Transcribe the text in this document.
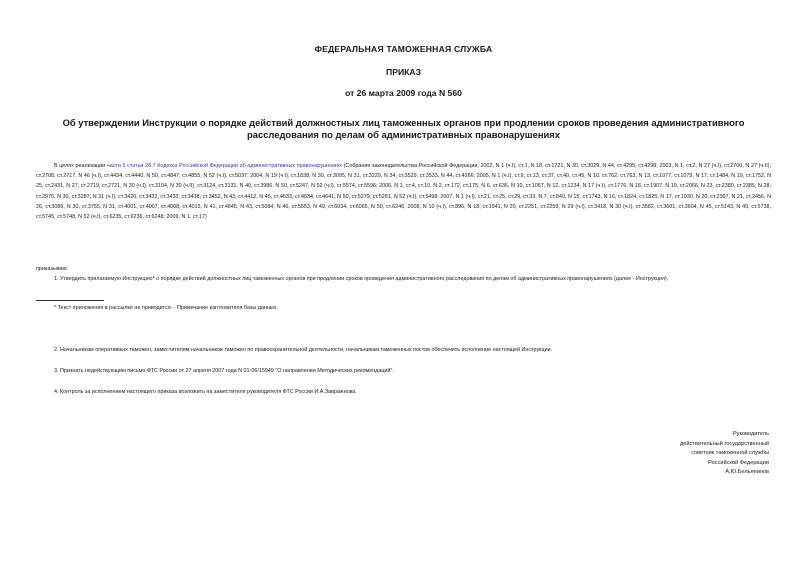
ФЕДЕРАЛЬНАЯ ТАМОЖЕННАЯ СЛУЖБА
ПРИКАЗ
от 26 марта 2009 года N 560
Об утверждении Инструкции о порядке действий должностных лиц таможенных органов при продлении сроков проведения административного расследования по делам об административных правонарушениях
В целях реализации части 5 статьи 28.7 Кодекса Российской Федерации об административных правонарушениях (Собрание законодательства Российской Федерации, 2002, N 1 (ч.I), ст.1, N 18, ст.1721, N 30, ст.3029, N 44, ст.4295, ст.4298; 2003, N 1, ст.2, N 27 (ч.I), ст.2700, N 27 (ч.II), ст.2708, ст.2717, N 46 (ч.I), ст.4434, ст.4440, N 50, ст.4847, ст.4855, N 52 (ч.I), ст.5037; 2004, N 19 (ч.I), ст.1838, N 30, ст.3095, N 31, ст.3229, N 34, ст.3529, ст.3533, N 44, ст.4266; 2005, N 1 (ч.I), ст.9, ст.13, ст.37, ст.40, ст.45, N 10, ст.762, ст.763, N 13, ст.1077, ст.1079, N 17, ст.1484, N 19, ст.1752, N 25, ст.2431, N 27, ст.2719, ст.2721, N 30 (ч.I), ст.3104, N 30 (ч.II), ст.3124, ст.3131, N 40, ст.3986, N 50, ст.5247, N 52 (ч.I), ст.5574, ст.5596; 2006, N 1, ст.4, ст.10, N 2, ст.172, ст.175, N 6, ст.636, N 10, ст.1067, N 12, ст.1234, N 17 (ч.I), ст.1776, N 18, ст.1907, N 19, ст.2066, N 23, ст.2380, ст.2385, N 28, ст.2975, N 30, ст.3287, N 31 (ч.I), ст.3420, ст.3432, ст.3433, ст.3438, ст.3452, N 43, ст.4412, N 45, ст.4633, ст.4634, ст.4641, N 50, ст.5279, ст.5281, N 52 (ч.I), ст.5498; 2007, N 1 (ч.I), ст.21, ст.25, ст.29, ст.33, N 7, ст.840, N 15, ст.1743, N 16, ст.1824, ст.1825, N 17, ст.1930, N 20, ст.2367, N 21, ст.2456, N 26, ст.3089, N 30, ст.3755, N 31, ст.4001, ст.4007, ст.4008, ст.4015, N 41, ст.4845, N 43, ст.5084, N 46, ст.5553, N 49, ст.6034, ст.6065, N 50, ст.6246; 2008, N 10 (ч.I), ст.896, N 18, ст.1941, N 20, ст.2251, ст.2259, N 29 (ч.I), ст.3418, N 30 (ч.I), ст.3582, ст.3601, ст.3604, N 45, ст.5143, N 49, ст.5738, ст.5745, ст.5748, N 52 (ч.I), ст.6235, ст.6236, ст.6248; 2009, N 1, ст.17)
приказываю:
1. Утвердить прилагаемую Инструкцию* о порядке действий должностных лиц таможенных органов при продлении сроков проведения административного расследования по делам об административных правонарушениях (далее - Инструкция).
* Текст приложения в рассылке не приводится. - Примечание изготовителя базы данных.
2. Начальникам оперативных таможен, заместителям начальников таможен по правоохранительной деятельности, начальникам таможенных постов обеспечить исполнение настоящей Инструкции.
3. Признать недействующим письмо ФТС России от 27 апреля 2007 года N 01-06/15949 "О направлении Методических рекомендаций".
4. Контроль за исполнением настоящего приказа возложить на заместителя руководителя ФТС России И.А.Завражнова.
Руководитель
действительный государственный
советник таможенной службы
Российской Федерации
А.Ю.Бельянинов
